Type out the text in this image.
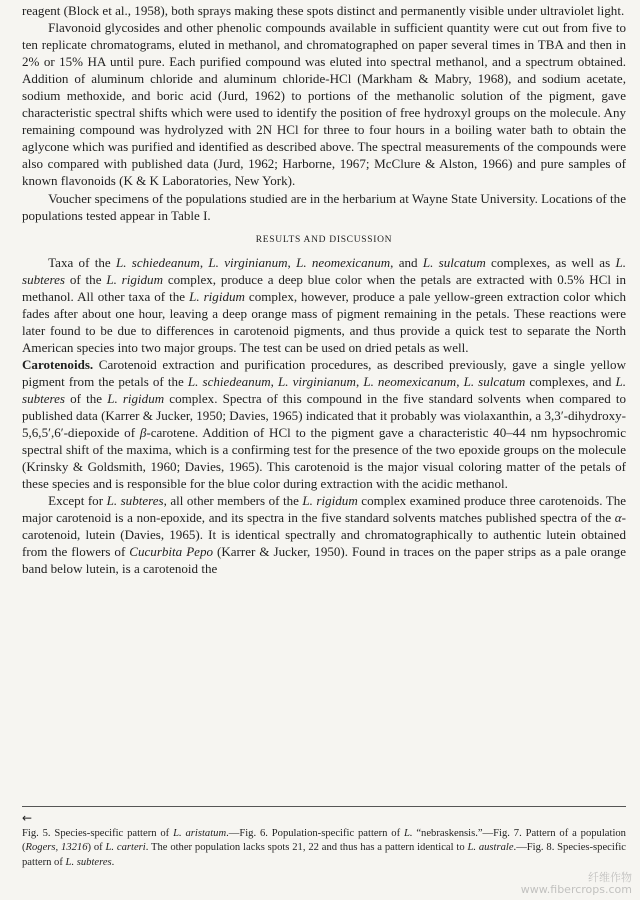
reagent (Block et al., 1958), both sprays making these spots distinct and permanently visible under ultraviolet light.

Flavonoid glycosides and other phenolic compounds available in sufficient quantity were cut out from five to ten replicate chromatograms, eluted in methanol, and chromatographed on paper several times in TBA and then in 2% or 15% HA until pure. Each purified compound was eluted into spectral methanol, and a spectrum obtained. Addition of aluminum chloride and aluminum chloride-HCl (Markham & Mabry, 1968), and sodium acetate, sodium methoxide, and boric acid (Jurd, 1962) to portions of the methanolic solution of the pigment, gave characteristic spectral shifts which were used to identify the position of free hydroxyl groups on the molecule. Any remaining compound was hydrolyzed with 2N HCl for three to four hours in a boiling water bath to obtain the aglycone which was purified and identified as described above. The spectral measurements of the compounds were also compared with published data (Jurd, 1962; Harborne, 1967; McClure & Alston, 1966) and pure samples of known flavonoids (K & K Laboratories, New York).

Voucher specimens of the populations studied are in the herbarium at Wayne State University. Locations of the populations tested appear in Table I.

RESULTS AND DISCUSSION

Taxa of the L. schiedeanum, L. virginianum, L. neomexicanum, and L. sulcatum complexes, as well as L. subteres of the L. rigidum complex, produce a deep blue color when the petals are extracted with 0.5% HCl in methanol. All other taxa of the L. rigidum complex, however, produce a pale yellow-green extraction color which fades after about one hour, leaving a deep orange mass of pigment remaining in the petals. These reactions were later found to be due to differences in carotenoid pigments, and thus provide a quick test to separate the North American species into two major groups. The test can be used on dried petals as well.

Carotenoids. Carotenoid extraction and purification procedures, as described previously, gave a single yellow pigment from the petals of the L. schiedeanum, L. virginianum, L. neomexicanum, L. sulcatum complexes, and L. subteres of the L. rigidum complex. Spectra of this compound in the five standard solvents when compared to published data (Karrer & Jucker, 1950; Davies, 1965) indicated that it probably was violaxanthin, a 3,3′-dihydroxy-5,6,5′,6′-diepoxide of β-carotene. Addition of HCl to the pigment gave a characteristic 40–44 nm hypsochromic spectral shift of the maxima, which is a confirming test for the presence of the two epoxide groups on the molecule (Krinsky & Goldsmith, 1960; Davies, 1965). This carotenoid is the major visual coloring matter of the petals of these species and is responsible for the blue color during extraction with the acidic methanol.

Except for L. subteres, all other members of the L. rigidum complex examined produce three carotenoids. The major carotenoid is a non-epoxide, and its spectra in the five standard solvents matches published spectra of the α-carotenoid, lutein (Davies, 1965). It is identical spectrally and chromatographically to authentic lutein obtained from the flowers of Cucurbita Pepo (Karrer & Jucker, 1950). Found in traces on the paper strips as a pale orange band below lutein, is a carotenoid the

←

Fig. 5. Species-specific pattern of L. aristatum.—Fig. 6. Population-specific pattern of L. “nebraskensis.”—Fig. 7. Pattern of a population (Rogers, 13216) of L. carteri. The other population lacks spots 21, 22 and thus has a pattern identical to L. australe.—Fig. 8. Species-specific pattern of L. subteres.

纤维作物
www.fibercrops.com
